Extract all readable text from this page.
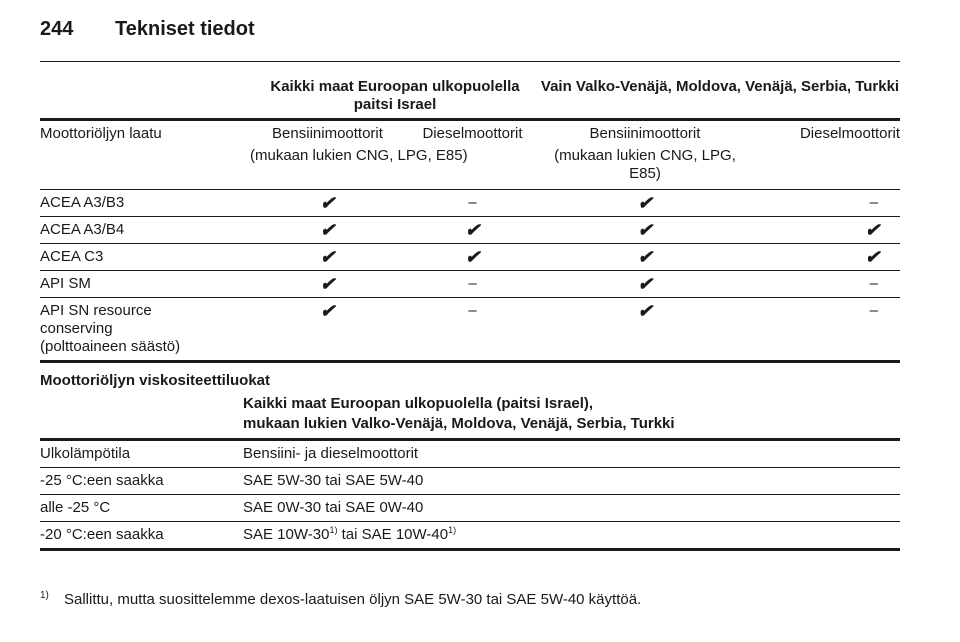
244 Tekniset tiedot
	Kaikki maat Euroopan ulkopuolella paitsi Israel		Vain Valko-Venäjä, Moldova, Venäjä, Serbia, Turkki	
Moottoriöljyn laatu	Bensiinimoottorit	Dieselmoottorit	Bensiinimoottorit	Dieselmoottorit
	(mukaan lukien CNG, LPG, E85)		(mukaan lukien CNG, LPG, E85)	
ACEA A3/B3	✔	–	✔	–
ACEA A3/B4	✔	✔	✔	✔
ACEA C3	✔	✔	✔	✔
API SM	✔	–	✔	–

API SN resource
conserving
(polttoaineen säästö)	✔	–	✔	–
Moottoriöljyn viskositeettiluokat

	Kaikki maat Euroopan ulkopuolella (paitsi Israel),
mukaan lukien Valko-Venäjä, Moldova, Venäjä, Serbia, Turkki

Ulkolämpötila	Bensiini- ja dieselmoottorit
-25 °C:een saakka	SAE 5W-30 tai SAE 5W-40
alle -25 °C	SAE 0W-30 tai SAE 0W-40
-20 °C:een saakka	SAE 10W-30$^{1)}$ tai SAE 10W-40$^{1)}$
1) Sallittu, mutta suosittelemme dexos-laatuisen öljyn SAE 5W-30 tai SAE 5W-40 käyttöä.
